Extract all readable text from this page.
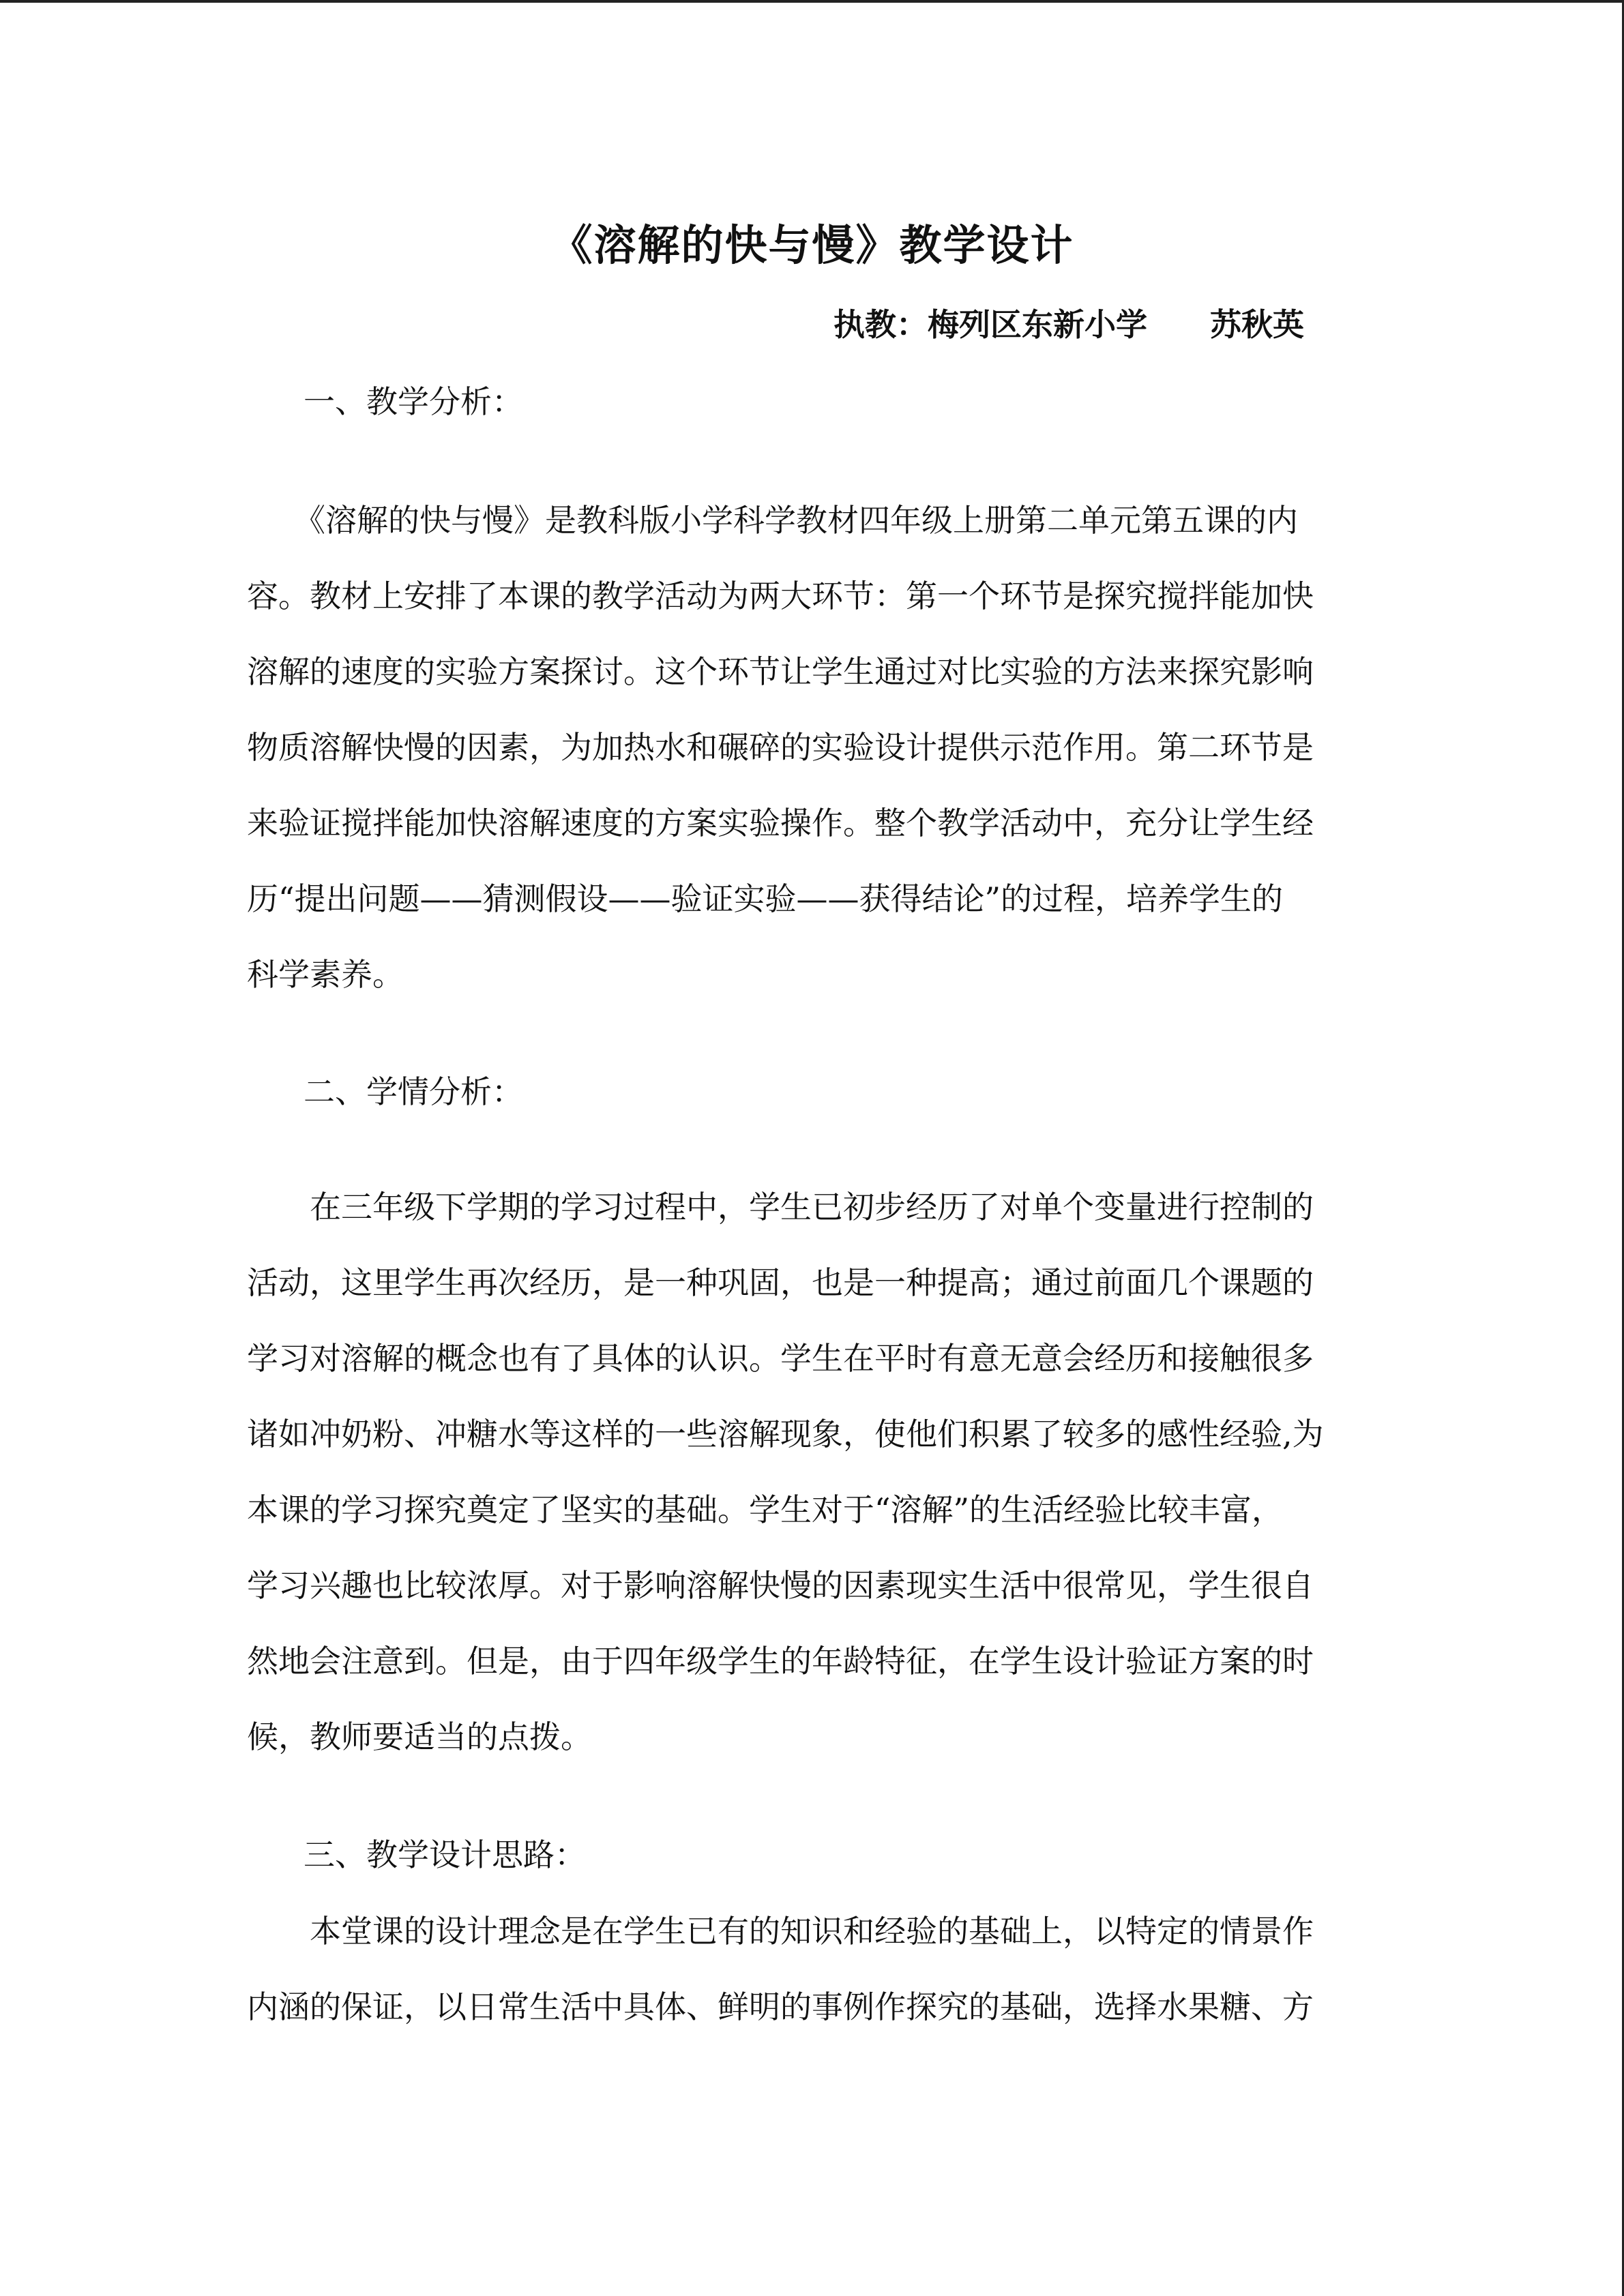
《溶解的快与慢》教学设计
执教：梅列区东新小学　　苏秋英
一、教学分析：
　　《溶解的快与慢》是教科版小学科学教材四年级上册第二单元第五课的内
容。教材上安排了本课的教学活动为两大环节：第一个环节是探究搅拌能加快
溶解的速度的实验方案探讨。这个环节让学生通过对比实验的方法来探究影响
物质溶解快慢的因素，为加热水和碾碎的实验设计提供示范作用。第二环节是
来验证搅拌能加快溶解速度的方案实验操作。整个教学活动中，充分让学生经
历“提出问题——猜测假设——验证实验——获得结论”的过程，培养学生的
科学素养。
二、学情分析：
　　在三年级下学期的学习过程中，学生已初步经历了对单个变量进行控制的
活动，这里学生再次经历，是一种巩固，也是一种提高；通过前面几个课题的
学习对溶解的概念也有了具体的认识。学生在平时有意无意会经历和接触很多
诸如冲奶粉、冲糖水等这样的一些溶解现象，使他们积累了较多的感性经验,为
本课的学习探究奠定了坚实的基础。学生对于“溶解”的生活经验比较丰富，
学习兴趣也比较浓厚。对于影响溶解快慢的因素现实生活中很常见，学生很自
然地会注意到。但是，由于四年级学生的年龄特征，在学生设计验证方案的时
候，教师要适当的点拨。
三、教学设计思路：
　　本堂课的设计理念是在学生已有的知识和经验的基础上，以特定的情景作
内涵的保证，以日常生活中具体、鲜明的事例作探究的基础，选择水果糖、方
